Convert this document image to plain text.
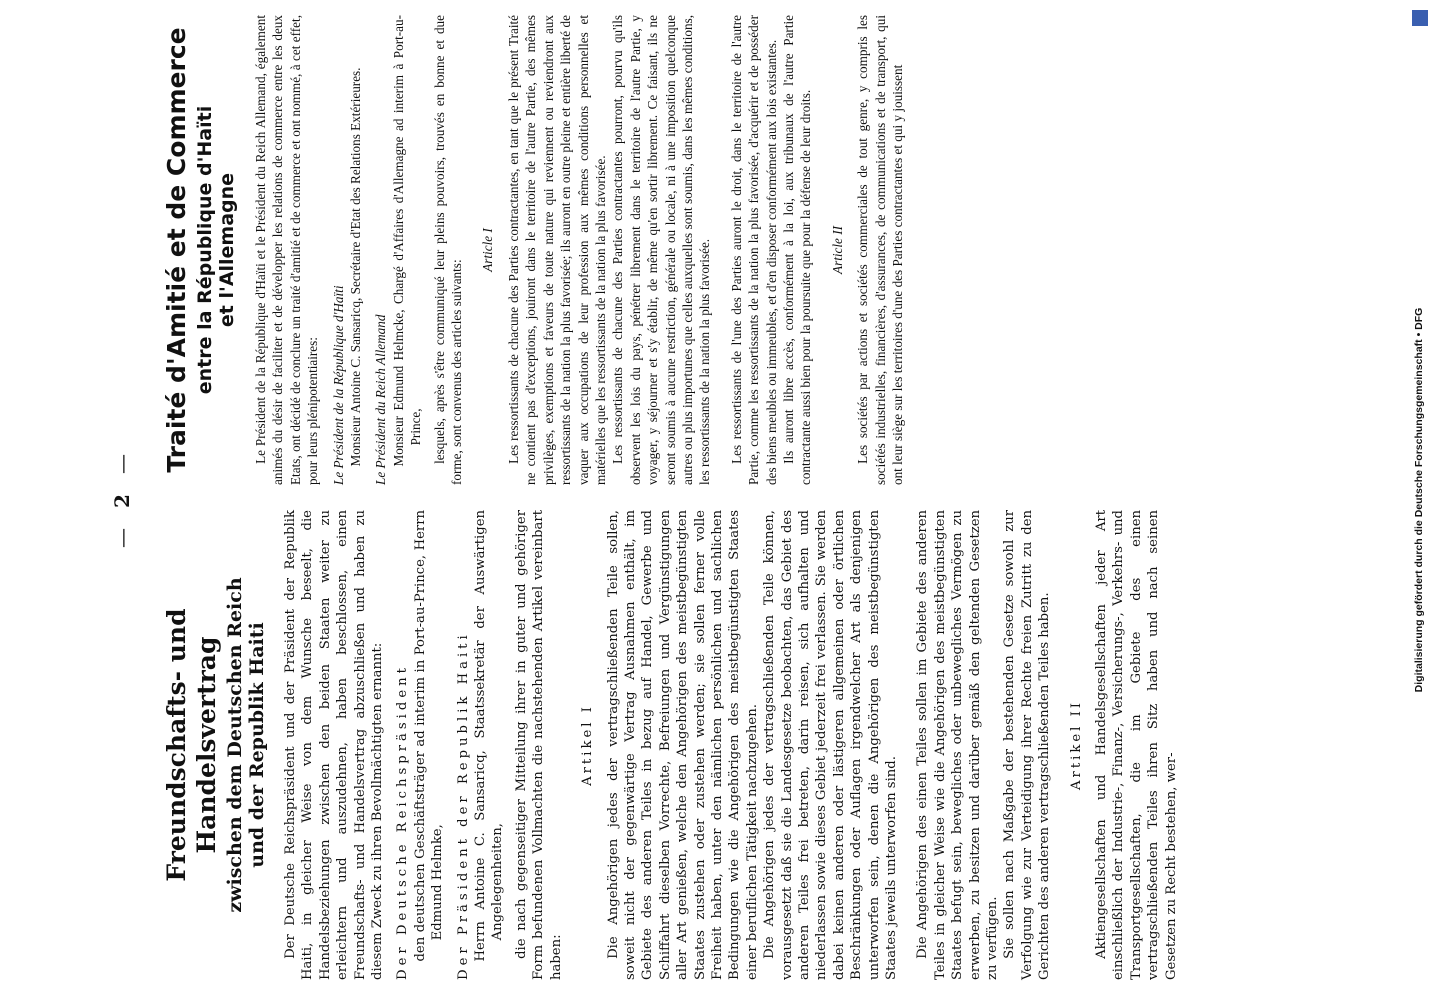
—2—
Freundschafts- und Handelsvertrag zwischen dem Deutschen Reich und der Republik Haiti Der Deutsche Reichspräsident und der Präsident der Republik Haiti, in gleicher Weise von dem Wunsche beseelt, die Handelsbeziehungen zwischen den beiden Staaten weiter zu erleichtern und auszudehnen, haben beschlossen, einen Freundschafts- und Handelsvertrag abzuschließen und haben zu diesem Zweck zu ihren Bevollmächtigten ernannt: Der Deutsche Reichspräsident den deutschen Geschäftsträger ad interim in Port-au-Prince, Herrn Edmund Helmke, Der Präsident der Republik Haiti Herrn Antoine C. Sansaricq, Staatssekretär der Auswärtigen Angelegenheiten, die nach gegenseitiger Mitteilung ihrer in guter und gehöriger Form befundenen Vollmachten die nachstehenden Artikel vereinbart haben:

Artikel I Die Angehörigen jedes der vertragschließenden Teile sollen, soweit nicht der gegenwärtige Vertrag Ausnahmen enthält, im Gebiete des anderen Teiles in bezug auf Handel, Gewerbe und Schiffahrt dieselben Vorrechte, Befreiungen und Vergünstigungen aller Art genießen, welche den Angehörigen des meistbegünstigten Staates zustehen oder zustehen werden; sie sollen ferner volle Freiheit haben, unter den nämlichen persönlichen und sachlichen Bedingungen wie die Angehörigen des meistbegünstigten Staates einer beruflichen Tätigkeit nachzugehen. Die Angehörigen jedes der vertragschließenden Teile können, vorausgesetzt daß sie die Landesgesetze beobachten, das Gebiet des anderen Teiles frei betreten, darin reisen, sich aufhalten und niederlassen sowie dieses Gebiet jederzeit frei verlassen. Sie werden dabei keinen anderen oder lästigeren allgemeinen oder örtlichen Beschränkungen oder Auflagen irgendwelcher Art als denjenigen unterworfen sein, denen die Angehörigen des meistbegünstigten Staates jeweils unterworfen sind. Die Angehörigen des einen Teiles sollen im Gebiete des anderen Teiles in gleicher Weise wie die Angehörigen des meistbegünstigten Staates befugt sein, bewegliches oder unbewegliches Vermögen zu erwerben, zu besitzen und darüber gemäß den geltenden Gesetzen zu verfügen. Sie sollen nach Maßgabe der bestehenden Gesetze sowohl zur Verfolgung wie zur Verteidigung ihrer Rechte freien Zutritt zu den Gerichten des anderen vertragschließenden Teiles haben. Artikel II Aktiengesellschaften und Handelsgesellschaften jeder Art einschließlich der Industrie-, Finanz-, Versicherungs-, Verkehrs- und Transportgesellschaften, die im Gebiete des einen vertragschließenden Teiles ihren Sitz haben und nach seinen Gesetzen zu Recht bestehen, wer-

Traité d'Amitié et de Commerce entre la République d'Haïti et l'Allemagne Le Président de la République d'Haïti et le Président du Reich Allemand, également animés du désir de faciliter et de développer les relations de commerce entre les deux Etats, ont décidé de conclure un traité d'amitié et de commerce et ont nommé, à cet effet, pour leurs plénipotentiaires: Le Président de la République d'Haïti Monsieur Antoine C. Sansaricq, Secrétaire d'Etat des Relations Extérieures. Le Président du Reich Allemand Monsieur Edmund Helmcke, Chargé d'Affaires d'Allemagne ad interim à Port-au-Prince, lesquels, après s'être communiqué leur pleins pouvoirs, trouvés en bonne et due forme, sont convenus des articles suivants:

Article I Les ressortissants de chacune des Parties contractantes, en tant que le présent Traité ne contient pas d'exceptions, jouiront dans le territoire de l'autre Partie, des mêmes privilèges, exemptions et faveurs de toute nature qui reviennent ou reviendront aux ressortissants de la nation la plus favorisée; ils auront en outre pleine et entière liberté de vaquer aux occupations de leur profession aux mêmes conditions personnelles et matérielles que les ressortissants de la nation la plus favorisée. Les ressortissants de chacune des Parties contractantes pourront, pourvu qu'ils observent les lois du pays, pénétrer librement dans le territoire de l'autre Partie, y voyager, y séjourner et s'y établir, de même qu'en sortir librement. Ce faisant, ils ne seront soumis à aucune restriction, générale ou locale, ni à une imposition quelconque autres ou plus importunes que celles auxquelles sont soumis, dans les mêmes conditions, les ressortissants de la nation la plus favorisée. Les ressortissants de l'une des Parties auront le droit, dans le territoire de l'autre Partie, comme les ressortissants de la nation la plus favorisée, d'acquérir et de posséder des biens meubles ou immeubles, et d'en disposer conformément aux lois existantes. Ils auront libre accès, conformément à la loi, aux tribunaux de l'autre Partie contractante aussi bien pour la poursuite que pour la défense de leur droits. Article II Les sociétés par actions et sociétés commerciales de tout genre, y compris les sociétés industrielles, financières, d'assurances, de communications et de transport, qui ont leur siège sur les territoires d'une des Parties contractantes et qui y jouissent

Digitalisierung gefördert durch die Deutsche Forschungsgemeinschaft • DFG
